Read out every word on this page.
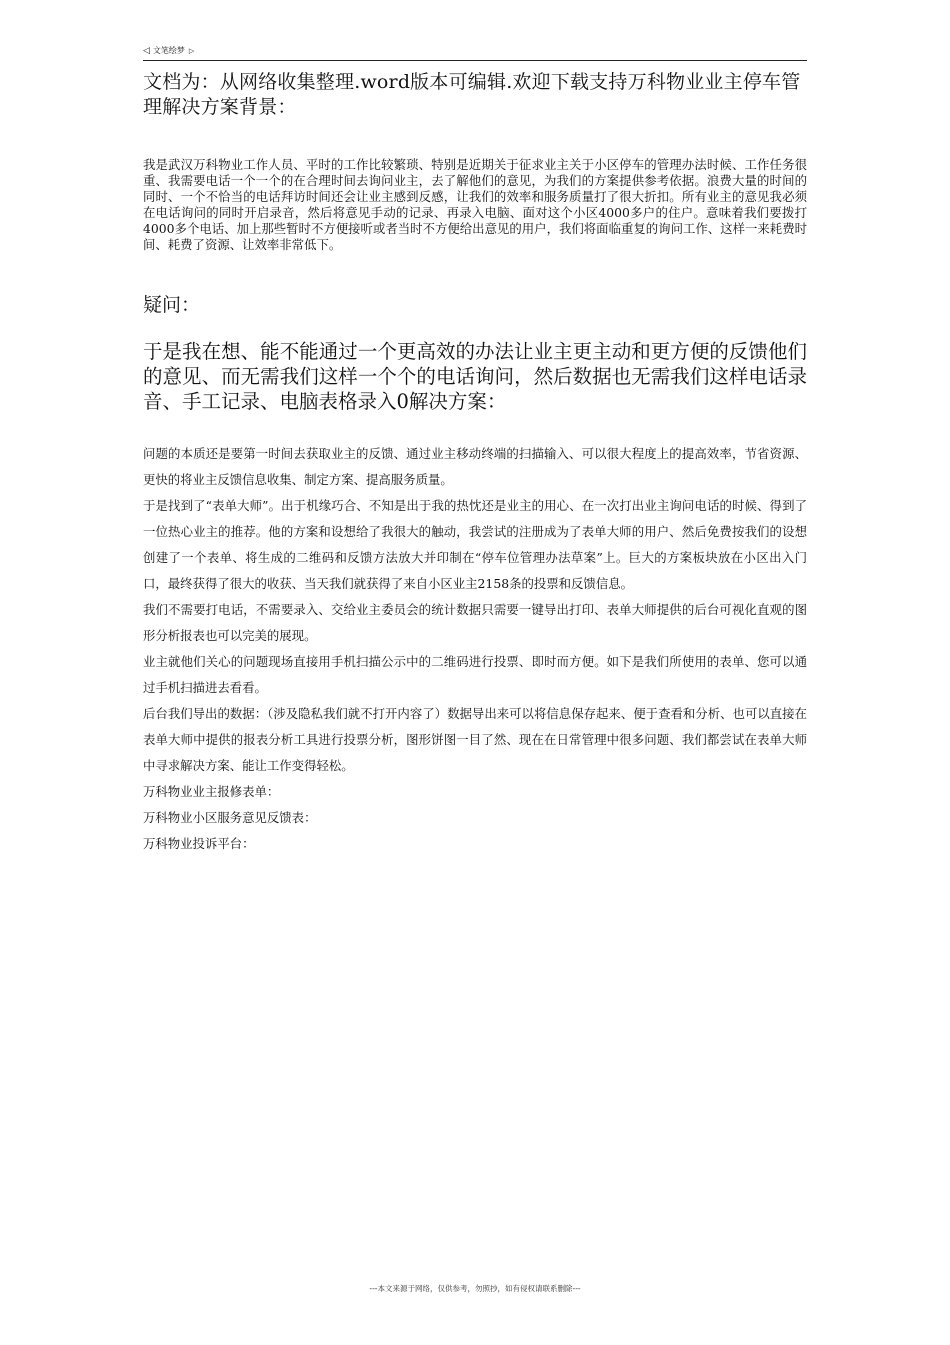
◁ 文笔绘梦 ▷

文档为：从网络收集整理.word版本可编辑.欢迎下载支持万科物业业主停车管理解决方案背景：

我是武汉万科物业工作人员、平时的工作比较繁琐、特别是近期关于征求业主关于小区停车的管理办法时候、工作任务很重、我需要电话一个一个的在合理时间去询问业主，去了解他们的意见，为我们的方案提供参考依据。浪费大量的时间的同时、一个不恰当的电话拜访时间还会让业主感到反感，让我们的效率和服务质量打了很大折扣。所有业主的意见我必须在电话询问的同时开启录音，然后将意见手动的记录、再录入电脑、面对这个小区4000多户的住户。意味着我们要拨打4000多个电话、加上那些暂时不方便接听或者当时不方便给出意见的用户，我们将面临重复的询问工作、这样一来耗费时间、耗费了资源、让效率非常低下。

疑问：

于是我在想、能不能通过一个更高效的办法让业主更主动和更方便的反馈他们的意见、而无需我们这样一个个的电话询问，然后数据也无需我们这样电话录音、手工记录、电脑表格录入0解决方案：

问题的本质还是要第一时间去获取业主的反馈、通过业主移动终端的扫描输入、可以很大程度上的提高效率，节省资源、更快的将业主反馈信息收集、制定方案、提高服务质量。

于是找到了“表单大师”。出于机缘巧合、不知是出于我的热忱还是业主的用心、在一次打出业主询问电话的时候、得到了一位热心业主的推荐。他的方案和设想给了我很大的触动，我尝试的注册成为了表单大师的用户、然后免费按我们的设想创建了一个表单、将生成的二维码和反馈方法放大并印制在“停车位管理办法草案”上。巨大的方案板块放在小区出入门口，最终获得了很大的收获、当天我们就获得了来自小区业主2158条的投票和反馈信息。

我们不需要打电话，不需要录入、交给业主委员会的统计数据只需要一键导出打印、表单大师提供的后台可视化直观的图形分析报表也可以完美的展现。

业主就他们关心的问题现场直接用手机扫描公示中的二维码进行投票、即时而方便。如下是我们所使用的表单、您可以通过手机扫描进去看看。

后台我们导出的数据：（涉及隐私我们就不打开内容了）数据导出来可以将信息保存起来、便于查看和分析、也可以直接在表单大师中提供的报表分析工具进行投票分析，图形饼图一目了然、现在在日常管理中很多问题、我们都尝试在表单大师中寻求解决方案、能让工作变得轻松。

万科物业业主报修表单：

万科物业小区服务意见反馈表：

万科物业投诉平台：

---本文来源于网络，仅供参考，勿照抄，如有侵权请联系删除---
